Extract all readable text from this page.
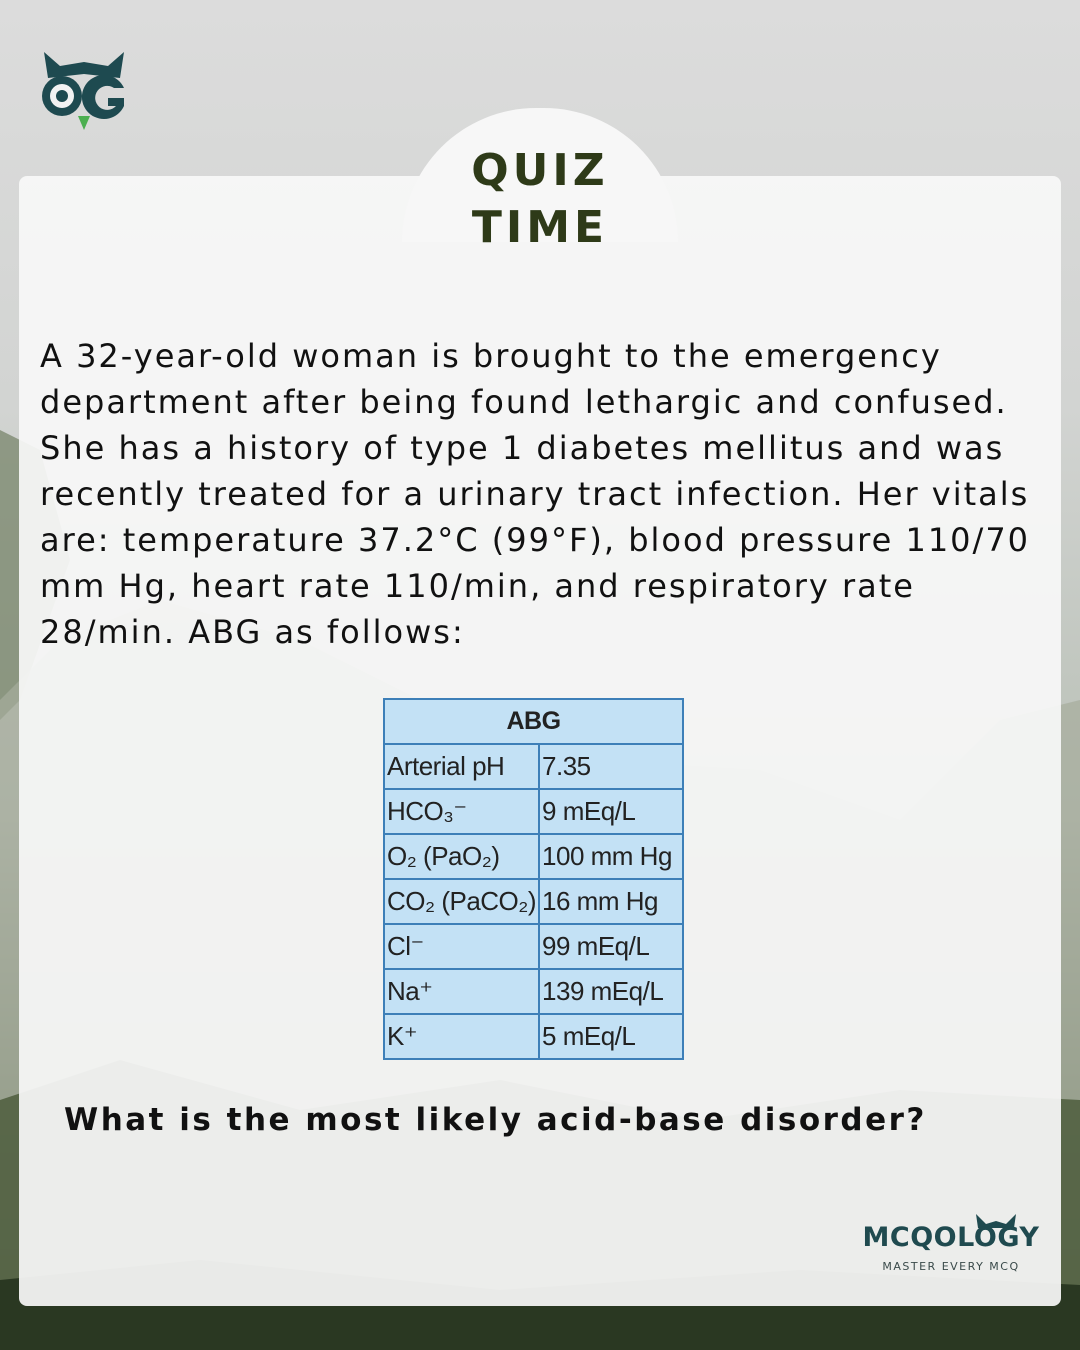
QUIZ
TIME

A 32-year-old woman is brought to the emergency department after being found lethargic and confused. She has a history of type 1 diabetes mellitus and was recently treated for a urinary tract infection. Her vitals are: temperature 37.2°C (99°F), blood pressure 110/70 mm Hg, heart rate 110/min, and respiratory rate 28/min. ABG as follows:

ABG	
Arterial pH	7.35
HCO₃⁻	9 mEq/L
O₂ (PaO₂)	100 mm Hg
CO₂ (PaCO₂)	16 mm Hg
Cl⁻	99 mEq/L
Na⁺	139 mEq/L
K⁺	5 mEq/L

What is the most likely acid-base disorder?

MCQOLOGY
MASTER EVERY MCQ
